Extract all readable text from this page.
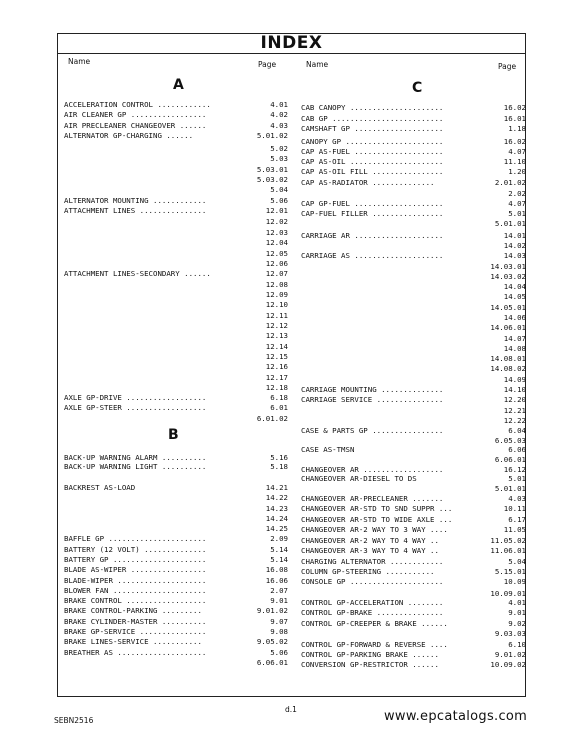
INDEX
Name	Page	Name	Page
A
B
C
ACCELERATION CONTROL ............	4.01
AIR CLEANER GP .................	4.02
AIR PRECLEANER CHANGEOVER ......	4.03
ALTERNATOR GP-CHARGING ......	5.01.02
5.02
5.03
5.03.01
5.03.02
5.04
ALTERNATOR MOUNTING ............	5.06
ATTACHMENT LINES ...............	12.01
12.02
12.03
12.04
12.05
12.06
ATTACHMENT LINES-SECONDARY ......	12.07
12.08
12.09
12.10
12.11
12.12
12.13
12.14
12.15
12.16
12.17
12.18
AXLE GP-DRIVE ..................	6.18
AXLE GP-STEER ..................	6.01
6.01.02
BACK-UP WARNING ALARM ..........	5.16
BACK-UP WARNING LIGHT ..........	5.18
BACKREST AS-LOAD	14.21
14.22
14.23
14.24
14.25
BAFFLE GP ......................	2.09
BATTERY (12 VOLT) ..............	5.14
BATTERY GP .....................	5.14
BLADE AS-WIPER .................	16.08
BLADE-WIPER ....................	16.06
BLOWER FAN .....................	2.07
BRAKE CONTROL ..................	9.01
BRAKE CONTROL-PARKING .........	9.01.02
BRAKE CYLINDER-MASTER ..........	9.07
BRAKE GP-SERVICE ...............	9.08
BRAKE LINES-SERVICE ...........	9.05.02
BREATHER AS ....................	5.06
6.06.01
CAB CANOPY .....................	16.02
CAB GP .........................	16.01
CAMSHAFT GP ....................	1.18
CANOPY GP ......................	16.02
CAP AS-FUEL ....................	4.07
CAP AS-OIL .....................	11.10
CAP AS-OIL FILL ................	1.20
CAP AS-RADIATOR ..............	2.01.02
2.02
CAP GP-FUEL ....................	4.07
CAP-FUEL FILLER ................	5.01
5.01.01
CARRIAGE AR ....................	14.01
14.02
CARRIAGE AS ....................	14.03
14.03.01
14.03.02
14.04
14.05
14.05.01
14.06
14.06.01
14.07
14.08
14.08.01
14.08.02
14.09
CARRIAGE MOUNTING ..............	14.10
CARRIAGE SERVICE ...............	12.20
12.21
12.22
CASE & PARTS GP ................	6.04
6.05.03
CASE AS-TMSN	6.06
6.06.01
CHANGEOVER AR ..................	16.12
CHANGEOVER AR-DIESEL TO DS	5.01
5.01.01
CHANGEOVER AR-PRECLEANER .......	4.03
CHANGEOVER AR-STD TO SND SUPPR ...	10.11
CHANGEOVER AR-STD TO WIDE AXLE ...	6.17
CHANGEOVER AR-2 WAY TO 3 WAY ....	11.05
CHANGEOVER AR-2 WAY TO 4 WAY ..	11.05.02
CHANGEOVER AR-3 WAY TO 4 WAY ..	11.06.01
CHARGING ALTERNATOR ............	5.04
COLUMN GP-STEERING ...........	5.15.01
CONSOLE GP .....................	10.09
10.09.01
CONTROL GP-ACCELERATION ........	4.01
CONTROL GP-BRAKE ...............	9.01
CONTROL GP-CREEPER & BRAKE ......	9.02
9.03.03
CONTROL GP-FORWARD & REVERSE ....	6.10
CONTROL GP-PARKING BRAKE ......	9.01.02
CONVERSION GP-RESTRICTOR ......	10.09.02
d.1
SEBN2516	www.epcatalogs.com
